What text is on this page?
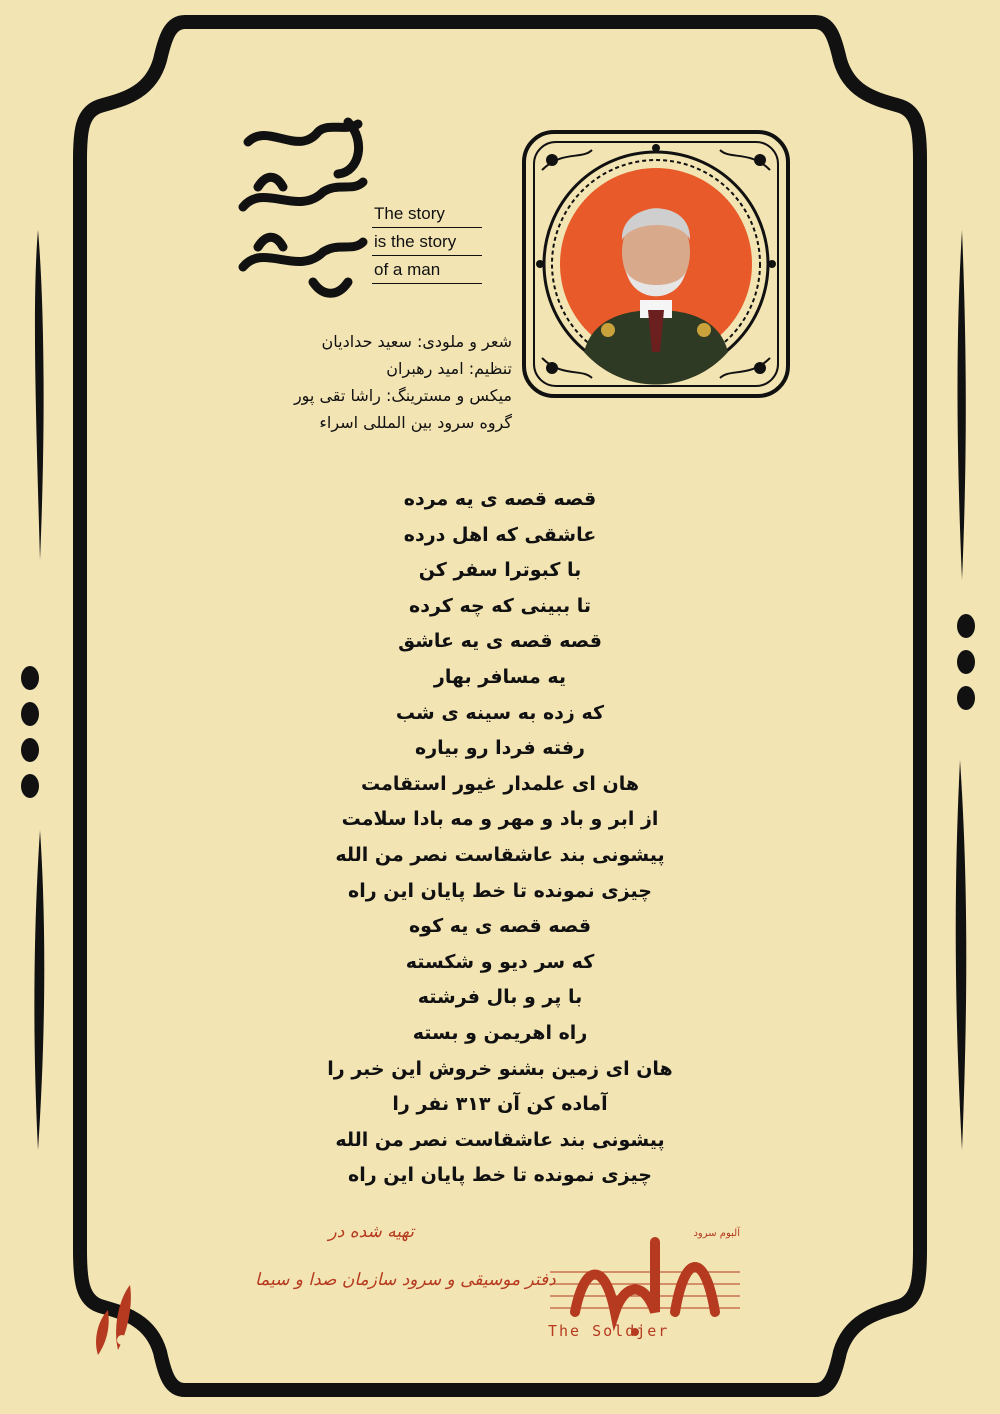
قصه قصه مرده
The story
is the story
of a man
شعر و ملودی: سعید حدادیان
تنظیم: امید رهبران
میکس و مسترینگ: راشا تقی پور
گروه سرود بین المللی اسراء
قصه قصه ی یه مرده
عاشقی که اهل درده
با کبوترا سفر کن
تا ببینی که چه کرده
قصه قصه ی یه عاشق
یه مسافر بهار
که زده به سینه ی شب
رفته فردا رو بیاره
هان ای علمدار غیور استقامت
از ابر و باد و مهر و مه بادا سلامت
پیشونی بند عاشقاست نصر من الله
چیزی نمونده تا خط پایان این راه
قصه قصه ی یه کوه
که سر دیو و شکسته
با پر و بال فرشته
راه اهریمن و بسته
هان ای زمین بشنو خروش این خبر را
آماده کن آن ۳۱۳ نفر را
پیشونی بند عاشقاست نصر من الله
چیزی نمونده تا خط پایان این راه
تهیه شده در
دفتر موسیقی و سرود سازمان صدا و سیما
سرباز
آلبوم سرود
The Soldjer
